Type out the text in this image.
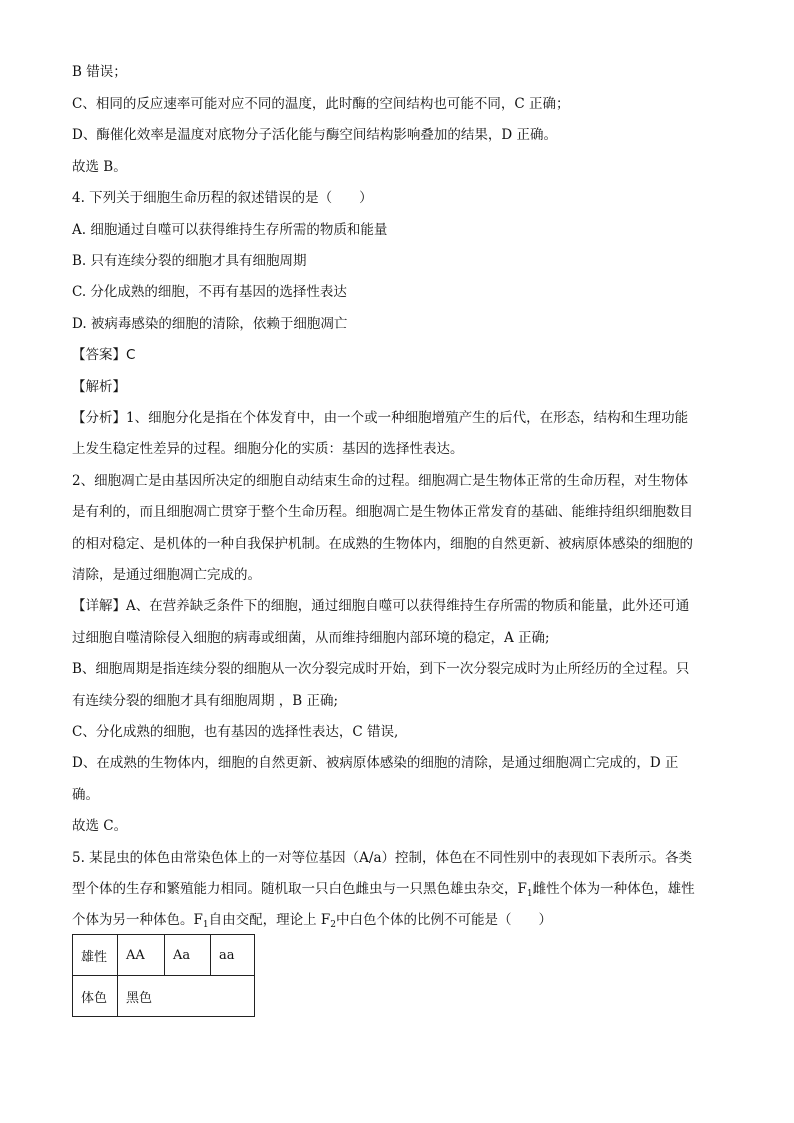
B 错误；
C、相同的反应速率可能对应不同的温度，此时酶的空间结构也可能不同，C 正确；
D、酶催化效率是温度对底物分子活化能与酶空间结构影响叠加的结果，D 正确。
故选 B。
4. 下列关于细胞生命历程的叙述错误的是（　　）
A. 细胞通过自噬可以获得维持生存所需的物质和能量
B. 只有连续分裂的细胞才具有细胞周期
C. 分化成熟的细胞，不再有基因的选择性表达
D. 被病毒感染的细胞的清除，依赖于细胞凋亡
【答案】C
【解析】
【分析】1、细胞分化是指在个体发育中，由一个或一种细胞增殖产生的后代，在形态，结构和生理功能
上发生稳定性差异的过程。细胞分化的实质：基因的选择性表达。
2、细胞凋亡是由基因所决定的细胞自动结束生命的过程。细胞凋亡是生物体正常的生命历程，对生物体
是有利的，而且细胞凋亡贯穿于整个生命历程。细胞凋亡是生物体正常发育的基础、能维持组织细胞数目
的相对稳定、是机体的一种自我保护机制。在成熟的生物体内，细胞的自然更新、被病原体感染的细胞的
清除，是通过细胞凋亡完成的。
【详解】A、在营养缺乏条件下的细胞，通过细胞自噬可以获得维持生存所需的物质和能量，此外还可通
过细胞自噬清除侵入细胞的病毒或细菌，从而维持细胞内部环境的稳定，A 正确;
B、细胞周期是指连续分裂的细胞从一次分裂完成时开始，到下一次分裂完成时为止所经历的全过程。只
有连续分裂的细胞才具有细胞周期 ，B 正确;
C、分化成熟的细胞，也有基因的选择性表达，C 错误,
D、在成熟的生物体内，细胞的自然更新、被病原体感染的细胞的清除，是通过细胞凋亡完成的，D 正
确。
故选 C。
5. 某昆虫的体色由常染色体上的一对等位基因（A/a）控制，体色在不同性别中的表现如下表所示。各类
型个体的生存和繁殖能力相同。随机取一只白色雌虫与一只黑色雄虫杂交，$F_1$雌性个体为一种体色，雄性
个体为另一种体色。$F_1$自由交配，理论上 $F_2$中白色个体的比例不可能是（　　）
雄性	AA	Aa	aa
体色	黑色		
